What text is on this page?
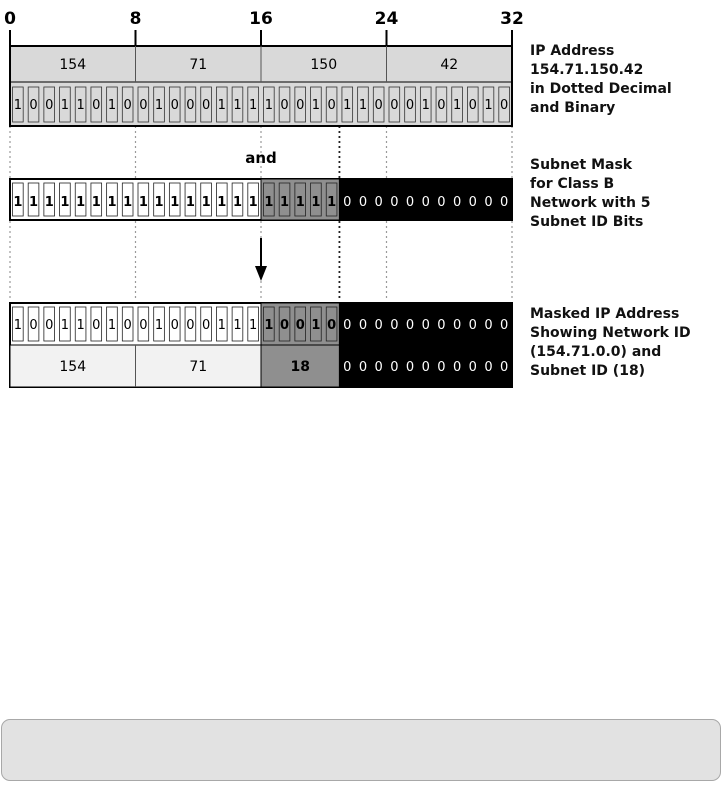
0	8	16	24	32
154	71	150	42
1 0 0 1 1 0 1 0 0 1 0 0 0 1 1 1 1 0 0 1 0 1 1 0 0 0 1 0 1 0 1 0
1 1 1 1 1 1 1 1 1 1 1 1 1 1 1 1 1 1 1 1 1 0 0 0 0 0 0 0 0 0 0 0
1 0 0 1 1 0 1 0 0 1 0 0 0 1 1 1 1 0 0 1 0 0 0 0 0 0 0 0 0 0 0 0
154	71	18	0 0 0 0 0 0 0 0 0 0 0
and
IP Address
154.71.150.42
in Dotted Decimal
and Binary
Subnet Mask
for Class B
Network with 5
Subnet ID Bits
Masked IP Address
Showing Network ID
(154.71.0.0) and
Subnet ID (18)
